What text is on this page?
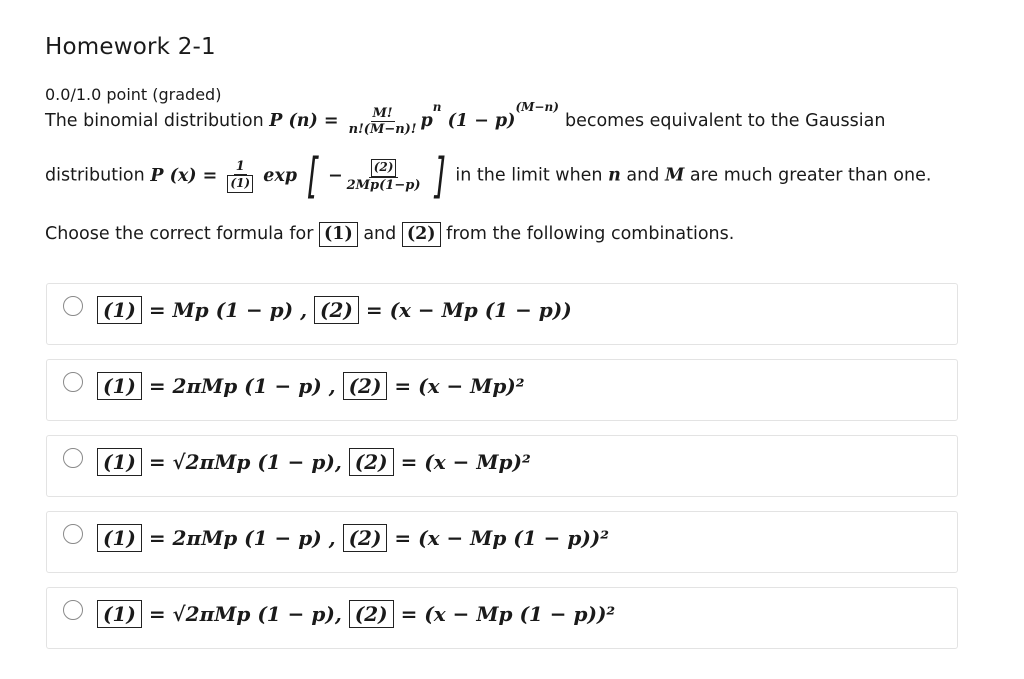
Homework 2-1
0.0/1.0 point (graded)
The binomial distribution P $(n) = \frac{M!}{n!(M-n)!} p^n$ $(1 - p)^{(M-n)}$ becomes equivalent to the Gaussian
distribution P $(x) = \frac{1}{(1)}$ exp [ − $\frac{(2)}{2Mp(1-p)}$ ] in the limit when n and M are much greater than one.
Choose the correct formula for (1) and (2) from the following combinations.
(1) = Mp (1 − p) , (2) = (x − Mp (1 − p))
(1) = 2πMp (1 − p) , (2) = (x − Mp)²
(1) = √2πMp (1 − p), (2) = (x − Mp)²
(1) = 2πMp (1 − p) , (2) = (x − Mp (1 − p))²
(1) = √2πMp (1 − p), (2) = (x − Mp (1 − p))²
